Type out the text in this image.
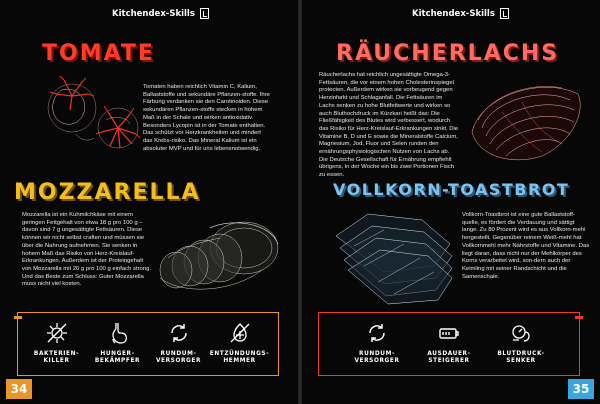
Kitchendex-Skills
TOMATE
Tomaten haben reichlich Vitamin C, Kalium, Ballaststoffe und sekundäre Pflanzen-stoffe. Ihre Färbung verdanken sie den Carotinoiden. Diese sekundären Pflanzen-stoffe stecken in hohem Maß in der Schale und wirken antioxidativ. Besonders Lycopin ist in der Tomate enthalten. Das schützt vor Herzkrankheiten und mindert das Krebs-risiko. Das Mineral Kalium ist ein absoluter MVP und für uns lebensnotwendig.
MOZZARELLA
Mozzarella ist ein Kuhmilchkäse mit einem geringen Fettgehalt von etwa 18 g pro 100 g – davon sind 7 g ungesättigte Fettsäuren. Diese können wir nicht selbst craften und müssen sie über die Nahrung aufnehmen. Sie senken in hohem Maß das Risiko von Herz-Kreislauf-Erkrankungen. Außerdem ist der Proteingehalt von Mozzarella mit 20 g pro 100 g einfach strong. Und das Beste zum Schluss: Guter Mozzarella muss nicht viel kosten.
BAKTERIEN-
KILLER
HUNGER-
BEKÄMPFER
RUNDUM-
VERSORGER
ENTZÜNDUNGS-
HEMMER
34
Kitchendex-Skills
RÄUCHERLACHS
Räucherlachs hat reichlich ungesättigte Omega-3-Fettsäuren, die vor einem hohen Cholesterinspiegel protecten. Außerdem wirken sie vorbeugend gegen Herzinfarkt und Schlaganfall. Die Fettsäuren im Lachs senken zu hohe Blutfettwerte und wirken so auch Bluthochdruck im Kürzkari heißt das: Die Fließfähigkeit des Blutes wird verbessert, wodurch das Risiko für Herz-Kreislauf-Erkrankungen sinkt. Die Vitamine B, D und E sowie die Mineralstoffe Calcium, Magnesium, Jod, Fluor und Selen runden den ernährungsphysiologischen Nutzen von Lachs ab. Die Deutsche Gesellschaft für Ernährung empfiehlt übrigens, in der Woche ein bis zwei Portionen Fisch zu essen.
VOLLKORN-TOASTBROT
Vollkorn-Toastbrot ist eine gute Ballaststoff-quelle, es fördert die Verdauung und sättigt lange. Zu 80 Prozent wird es aus Vollkorn-mehl hergestellt. Gegenüber reinem Weiß-mehl hat Vollkornmehl mehr Nährstoffe und Vitamine. Das liegt daran, dass nicht nur der Mehlkörper des Korns verarbeitet wird, son-dern auch der Keimling mit seiner Randschicht und die Samenschale.
RUNDUM-
VERSORGER
AUSDAUER-
STEIGERER
BLUTDRUCK-
SENKER
35
